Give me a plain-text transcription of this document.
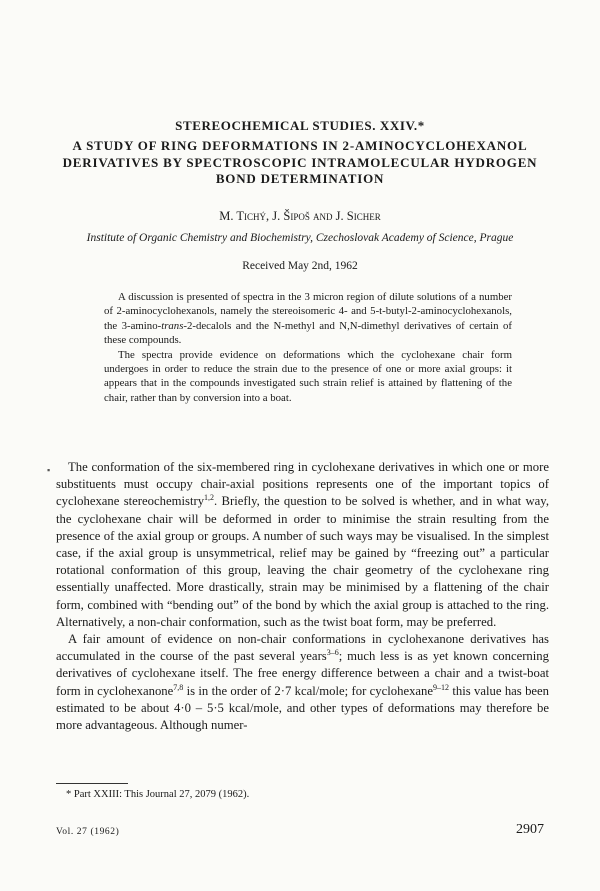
STEREOCHEMICAL STUDIES. XXIV.*
A STUDY OF RING DEFORMATIONS IN 2-AMINOCYCLOHEXANOL
DERIVATIVES BY SPECTROSCOPIC INTRAMOLECULAR HYDROGEN
BOND DETERMINATION
M. Tichý, J. Šipoš and J. Sicher
Institute of Organic Chemistry and Biochemistry, Czechoslovak Academy of Science, Prague
Received May 2nd, 1962

A discussion is presented of spectra in the 3 micron region of dilute solutions of a number of 2-aminocyclohexanols, namely the stereoisomeric 4- and 5-t-butyl-2-aminocyclohexanols, the 3-amino-trans-2-decalols and the N-methyl and N,N-dimethyl derivatives of certain of these compounds.

The spectra provide evidence on deformations which the cyclohexane chair form undergoes in order to reduce the strain due to the presence of one or more axial groups: it appears that in the compounds investigated such strain relief is attained by flattening of the chair, rather than by conversion into a boat.

▪	The conformation of the six-membered ring in cyclohexane derivatives in which one or more substituents must occupy chair-axial positions represents one of the important topics of cyclohexane stereochemistry$^{1,2}$. Briefly, the question to be solved is whether, and in what way, the cyclohexane chair will be deformed in order to minimise the strain resulting from the presence of the axial group or groups. A number of such ways may be visualised. In the simplest case, if the axial group is unsymmetrical, relief may be gained by “freezing out” a particular rotational conformation of this group, leaving the chair geometry of the cyclohexane ring essentially unaffected. More drastically, strain may be minimised by a flattening of the chair form, combined with “bending out” of the bond by which the axial group is attached to the ring. Alternatively, a non-chair conformation, such as the twist boat form, may be preferred.

A fair amount of evidence on non-chair conformations in cyclohexanone derivatives has accumulated in the course of the past several years$^{3-6}$; much less is as yet known concerning derivatives of cyclohexane itself. The free energy difference between a chair and a twist-boat form in cyclohexanone$^{7,8}$ is in the order of 2·7 kcal/mole; for cyclohexane$^{9-12}$ this value has been estimated to be about 4·0 – 5·5 kcal/mole, and other types of deformations may therefore be more advantageous. Although numer-

* Part XXIII: This Journal 27, 2079 (1962).
Vol. 27 (1962)	2907
